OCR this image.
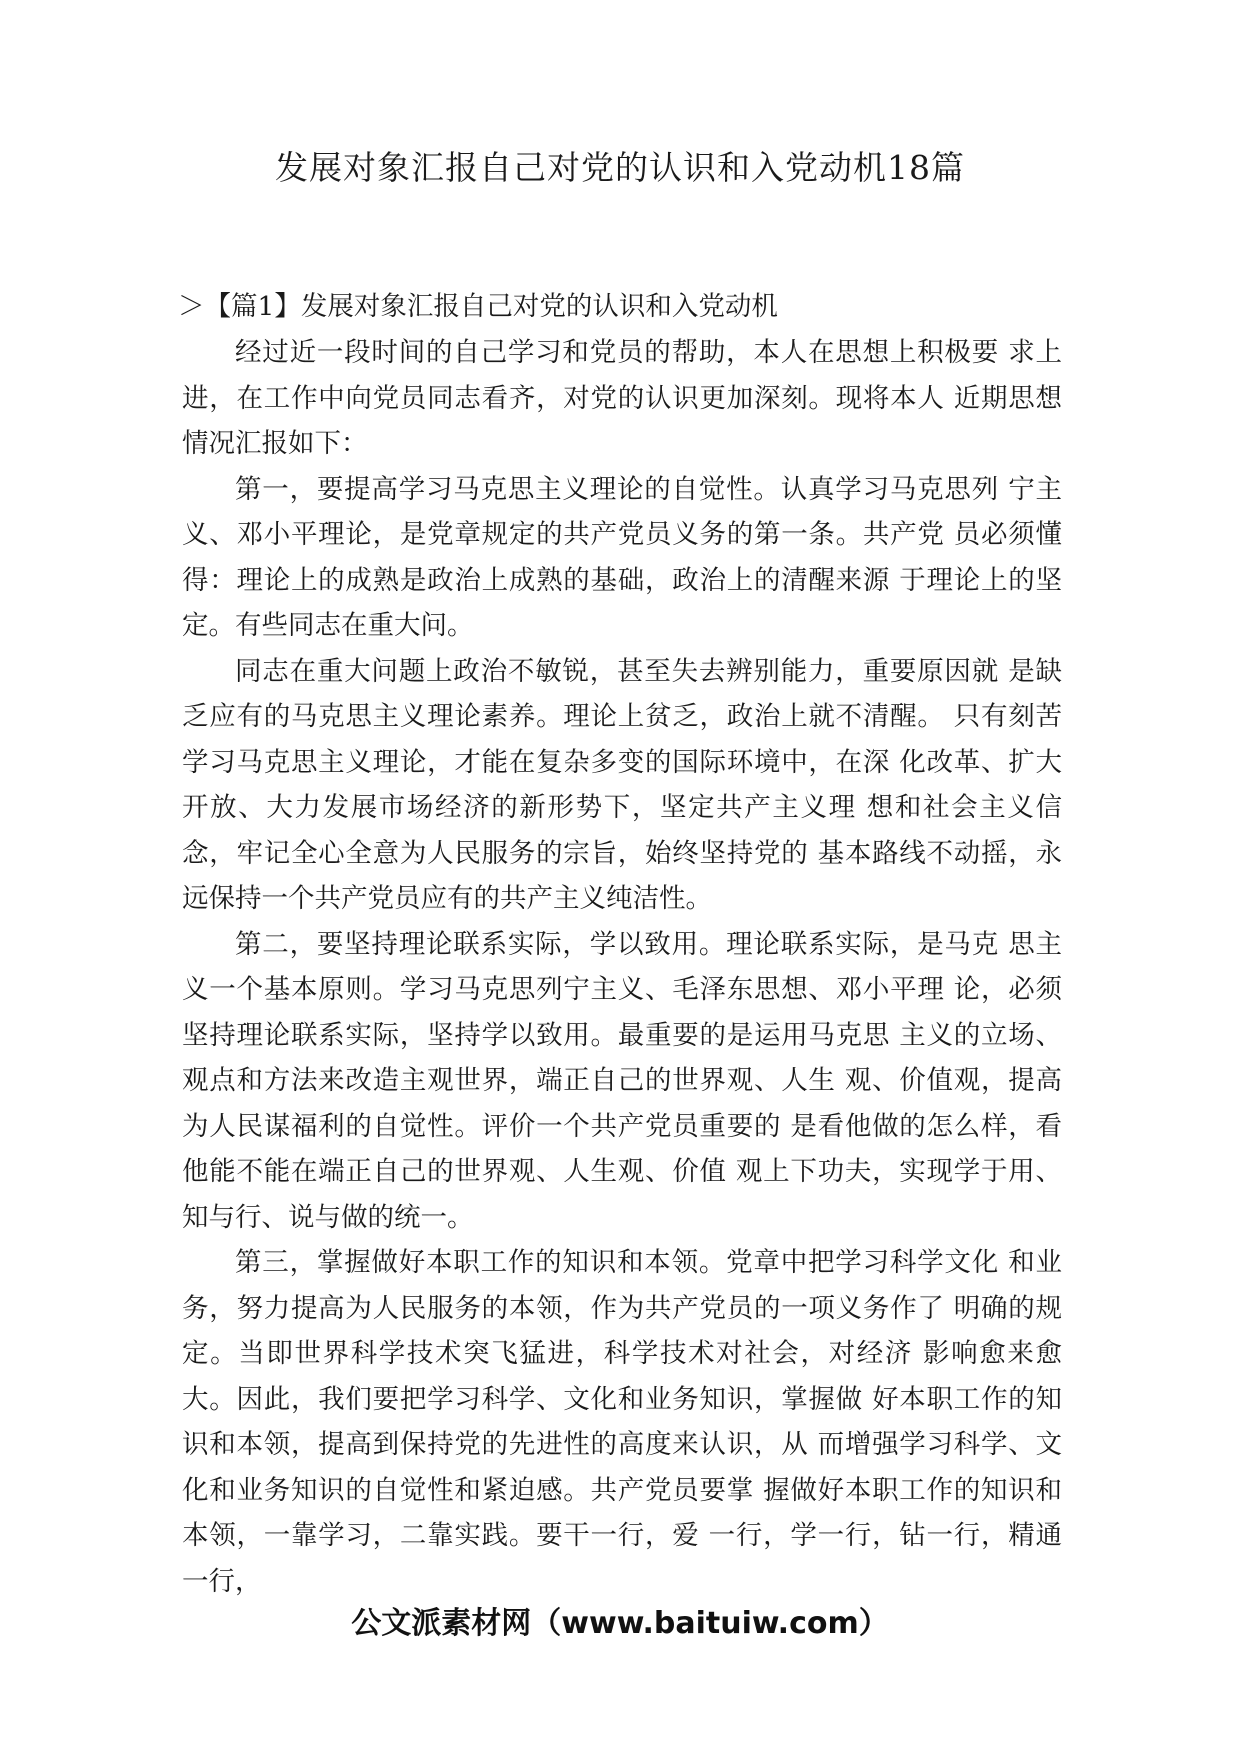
发展对象汇报自己对党的认识和入党动机18篇
＞【篇1】发展对象汇报自己对党的认识和入党动机

经过近一段时间的自己学习和党员的帮助，本人在思想上积极要 求上进，在工作中向党员同志看齐，对党的认识更加深刻。现将本人 近期思想情况汇报如下：

第一，要提高学习马克思主义理论的自觉性。认真学习马克思列 宁主义、邓小平理论，是党章规定的共产党员义务的第一条。共产党 员必须懂得：理论上的成熟是政治上成熟的基础，政治上的清醒来源 于理论上的坚定。有些同志在重大问。

同志在重大问题上政治不敏锐，甚至失去辨别能力，重要原因就 是缺乏应有的马克思主义理论素养。理论上贫乏，政治上就不清醒。 只有刻苦学习马克思主义理论，才能在复杂多变的国际环境中，在深 化改革、扩大开放、大力发展市场经济的新形势下，坚定共产主义理 想和社会主义信念，牢记全心全意为人民服务的宗旨，始终坚持党的 基本路线不动摇，永远保持一个共产党员应有的共产主义纯洁性。

第二，要坚持理论联系实际，学以致用。理论联系实际，是马克 思主义一个基本原则。学习马克思列宁主义、毛泽东思想、邓小平理 论，必须坚持理论联系实际，坚持学以致用。最重要的是运用马克思 主义的立场、观点和方法来改造主观世界，端正自己的世界观、人生 观、价值观，提高为人民谋福利的自觉性。评价一个共产党员重要的 是看他做的怎么样，看他能不能在端正自己的世界观、人生观、价值 观上下功夫，实现学于用、知与行、说与做的统一。

第三，掌握做好本职工作的知识和本领。党章中把学习科学文化 和业务，努力提高为人民服务的本领，作为共产党员的一项义务作了 明确的规定。当即世界科学技术突飞猛进，科学技术对社会，对经济 影响愈来愈大。因此，我们要把学习科学、文化和业务知识，掌握做 好本职工作的知识和本领，提高到保持党的先进性的高度来认识，从 而增强学习科学、文化和业务知识的自觉性和紧迫感。共产党员要掌 握做好本职工作的知识和本领，一靠学习，二靠实践。要干一行，爱 一行，学一行，钻一行，精通一行，

公文派素材网（www.baituiw.com）
